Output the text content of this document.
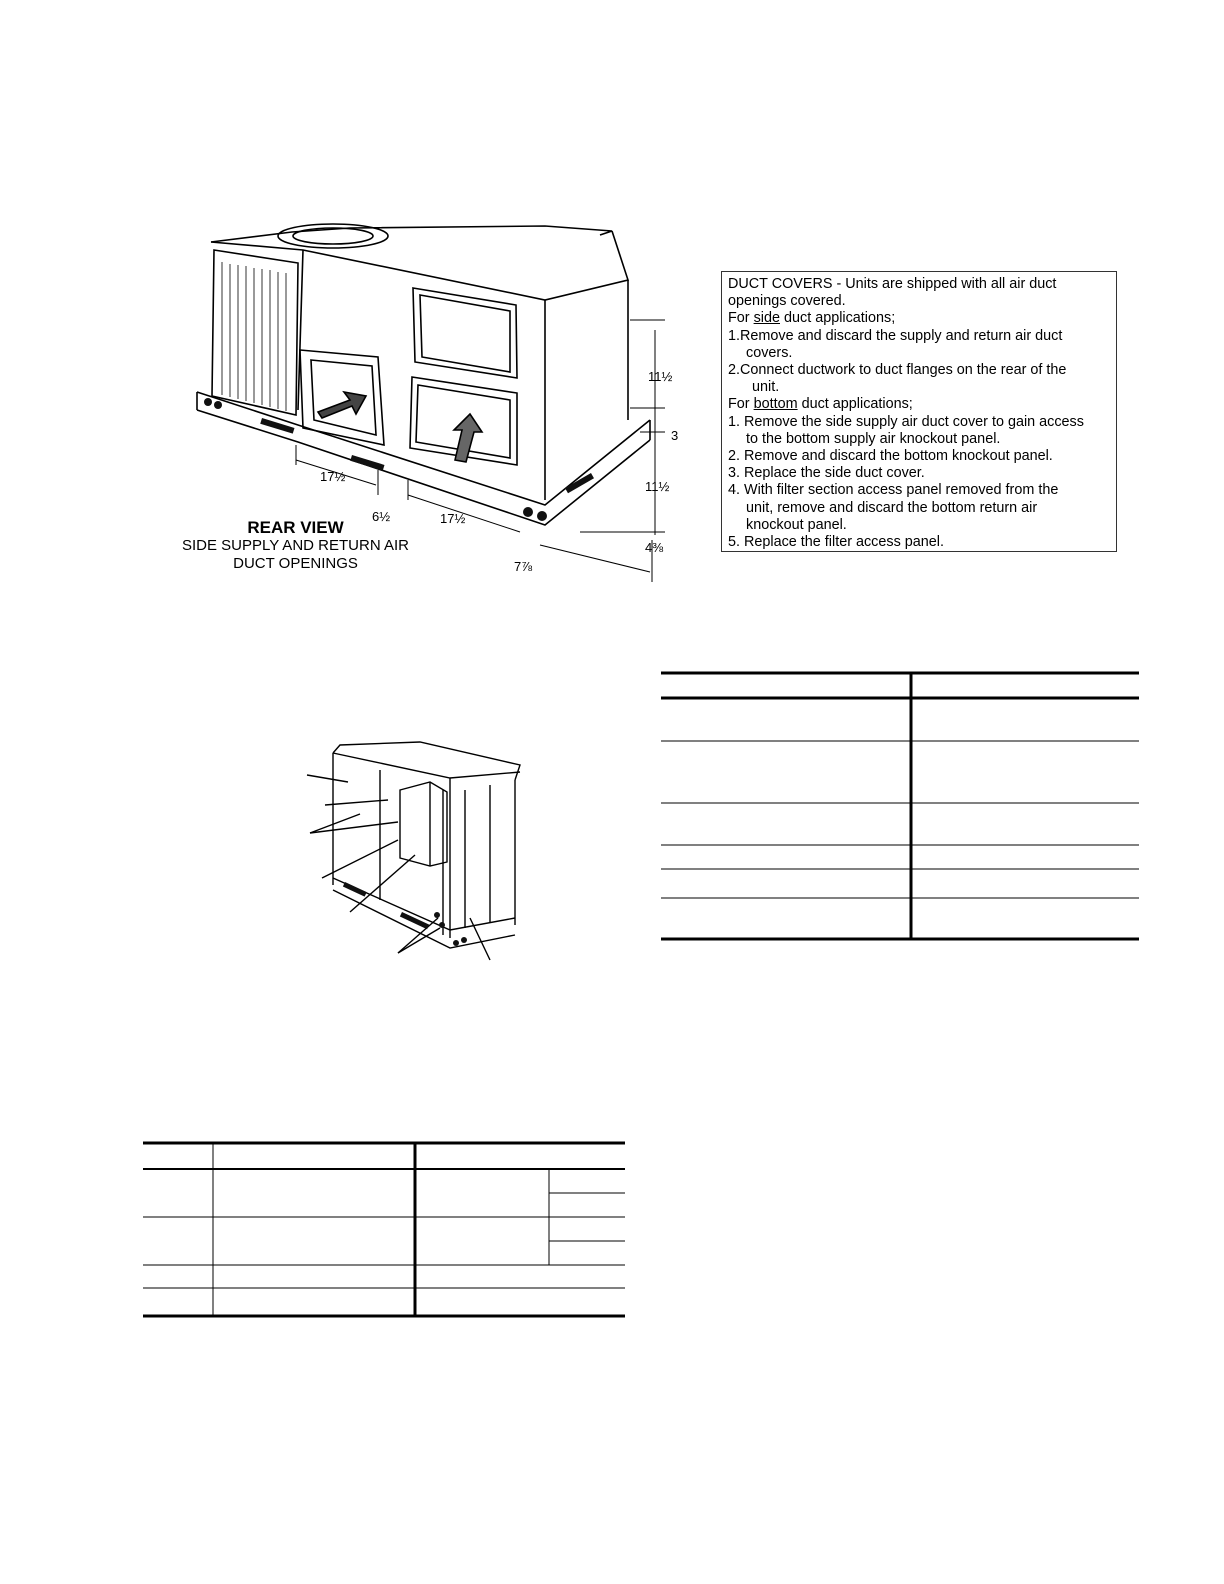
17½
6½	17½
7⅞
11½
3
11½
4⅜
REAR VIEW
SIDE SUPPLY AND RETURN AIR
DUCT OPENINGS

DUCT COVERS - Units are shipped with all air duct

openings covered.

For side duct applications;

1.Remove and discard the supply and return air duct

covers.

2.Connect ductwork to duct flanges on the rear of the

unit.

For bottom duct applications;

1. Remove the side supply air duct cover to gain access

to the bottom supply air knockout panel.

2. Remove and discard the bottom knockout panel.

3. Replace the side duct cover.

4. With filter section access panel removed from the

unit, remove and discard the bottom return air

knockout panel.

5. Replace the filter access panel.
